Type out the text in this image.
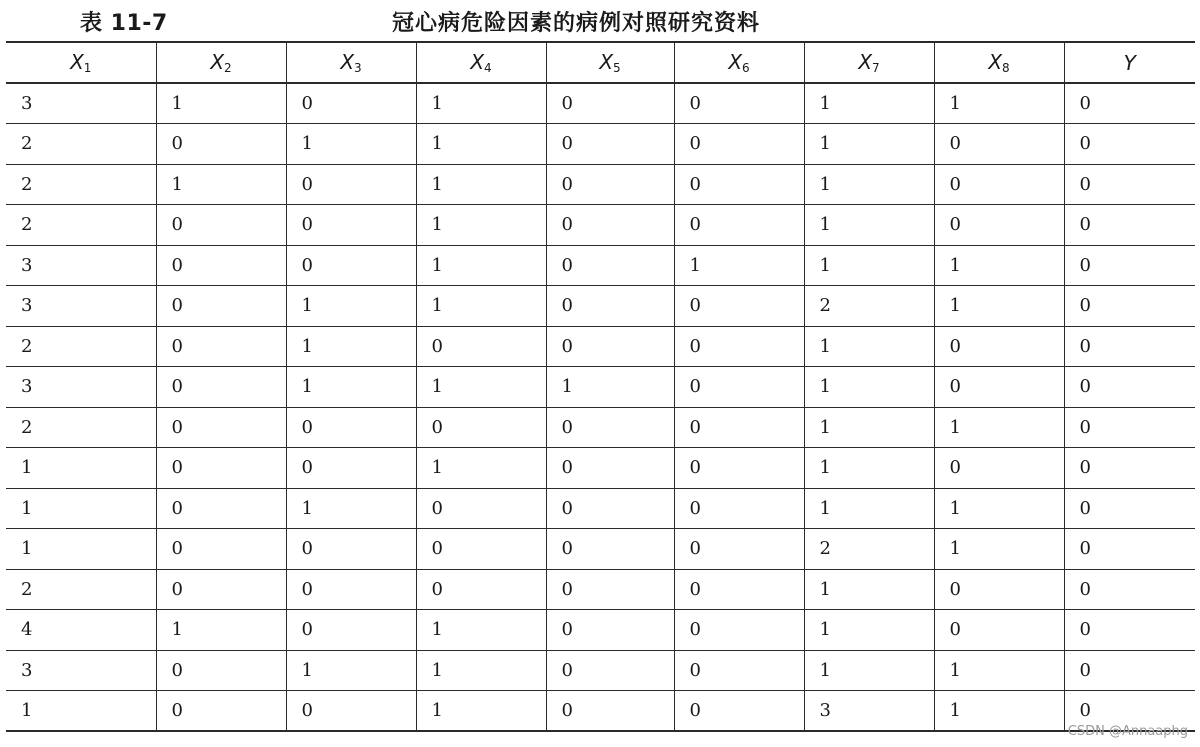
表 11-7	冠心病危险因素的病例对照研究资料
$X_1$	$X_2$	$X_3$	$X_4$	$X_5$	$X_6$	$X_7$	$X_8$	Y
3	1	0	1	0	0	1	1	0
2	0	1	1	0	0	1	0	0
2	1	0	1	0	0	1	0	0
2	0	0	1	0	0	1	0	0
3	0	0	1	0	1	1	1	0
3	0	1	1	0	0	2	1	0
2	0	1	0	0	0	1	0	0
3	0	1	1	1	0	1	0	0
2	0	0	0	0	0	1	1	0
1	0	0	1	0	0	1	0	0
1	0	1	0	0	0	1	1	0
1	0	0	0	0	0	2	1	0
2	0	0	0	0	0	1	0	0
4	1	0	1	0	0	1	0	0
3	0	1	1	0	0	1	1	0
1	0	0	1	0	0	3	1	0
CSDN @Annaaphg
